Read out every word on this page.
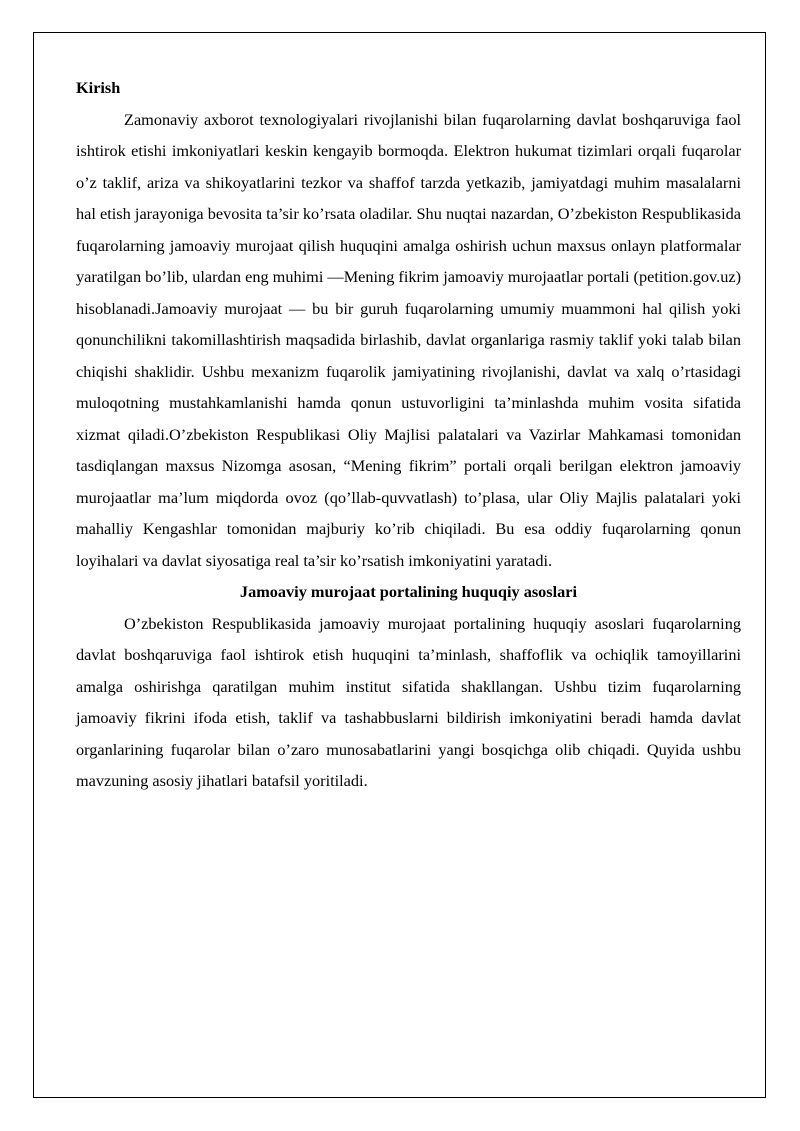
Kirish

Zamonaviy axborot texnologiyalari rivojlanishi bilan fuqarolarning davlat boshqaruviga faol ishtirok etishi imkoniyatlari keskin kengayib bormoqda. Elektron hukumat tizimlari orqali fuqarolar o’z taklif, ariza va shikoyatlarini tezkor va shaffof tarzda yetkazib, jamiyatdagi muhim masalalarni hal etish jarayoniga bevosita ta’sir ko’rsata oladilar. Shu nuqtai nazardan, O’zbekiston Respublikasida fuqarolarning jamoaviy murojaat qilish huquqini amalga oshirish uchun maxsus onlayn platformalar yaratilgan bo’lib, ulardan eng muhimi —Mening fikrim jamoaviy murojaatlar portali (petition.gov.uz) hisoblanadi.Jamoaviy murojaat — bu bir guruh fuqarolarning umumiy muammoni hal qilish yoki qonunchilikni takomillashtirish maqsadida birlashib, davlat organlariga rasmiy taklif yoki talab bilan chiqishi shaklidir. Ushbu mexanizm fuqarolik jamiyatining rivojlanishi, davlat va xalq o’rtasidagi muloqotning mustahkamlanishi hamda qonun ustuvorligini ta’minlashda muhim vosita sifatida xizmat qiladi.O’zbekiston Respublikasi Oliy Majlisi palatalari va Vazirlar Mahkamasi tomonidan tasdiqlangan maxsus Nizomga asosan, “Mening fikrim” portali orqali berilgan elektron jamoaviy murojaatlar ma’lum miqdorda ovoz (qo’llab-quvvatlash) to’plasa, ular Oliy Majlis palatalari yoki mahalliy Kengashlar tomonidan majburiy ko’rib chiqiladi. Bu esa oddiy fuqarolarning qonun loyihalari va davlat siyosatiga real ta’sir ko’rsatish imkoniyatini yaratadi.

Jamoaviy murojaat portalining huquqiy asoslari

O’zbekiston Respublikasida jamoaviy murojaat portalining huquqiy asoslari fuqarolarning davlat boshqaruviga faol ishtirok etish huquqini ta’minlash, shaffoflik va ochiqlik tamoyillarini amalga oshirishga qaratilgan muhim institut sifatida shakllangan. Ushbu tizim fuqarolarning jamoaviy fikrini ifoda etish, taklif va tashabbuslarni bildirish imkoniyatini beradi hamda davlat organlarining fuqarolar bilan o’zaro munosabatlarini yangi bosqichga olib chiqadi. Quyida ushbu mavzuning asosiy jihatlari batafsil yoritiladi.
